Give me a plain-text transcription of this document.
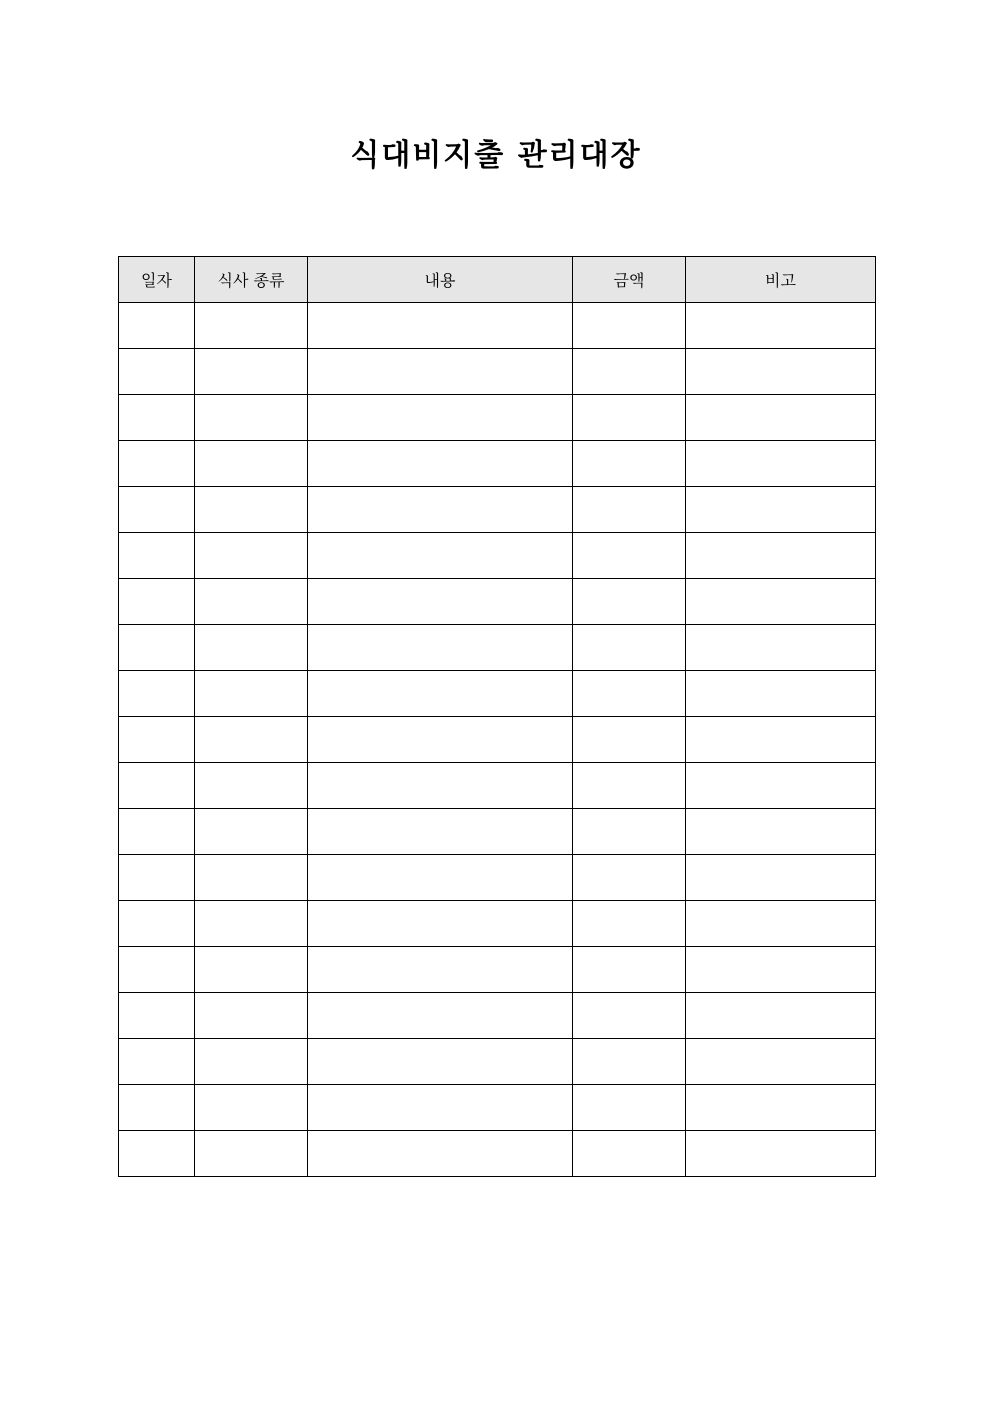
식대비지출 관리대장
일자	식사 종류	내용	금액	비고
